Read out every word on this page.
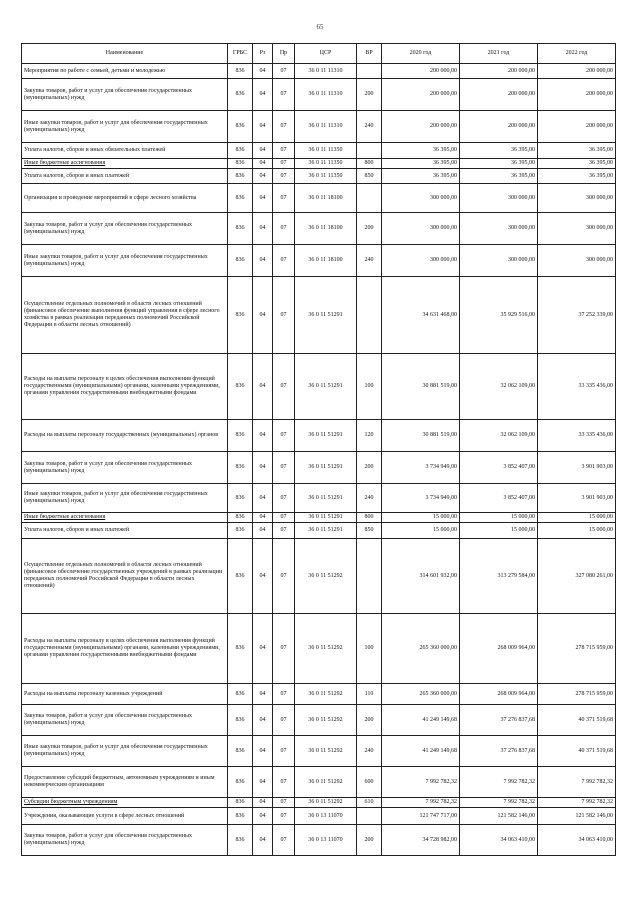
65
Наименование	ГРБС	Рз	Пр	ЦСР	ВР	2020 год	2021 год	2022 год
Мероприятия по работе с семьей, детьми и молодежью	836	04	07	36 0 11 11310		200 000,00	200 000,00	200 000,00
Закупка товаров, работ и услуг для обеспечения государственных (муниципальных) нужд	836	04	07	36 0 11 11310	200	200 000,00	200 000,00	200 000,00
Иные закупки товаров, работ и услуг для обеспечения государственных (муниципальных) нужд	836	04	07	36 0 11 11310	240	200 000,00	200 000,00	200 000,00
Уплата налогов, сборов и иных обязательных платежей	836	04	07	36 0 11 11350		36 395,00	36 395,00	36 395,00
Иные бюджетные ассигнования	836	04	07	36 0 11 11350	800	36 395,00	36 395,00	36 395,00
Уплата налогов, сборов и иных платежей	836	04	07	36 0 11 11350	850	36 395,00	36 395,00	36 395,00
Организация и проведение мероприятий в сфере лесного хозяйства	836	04	07	36 0 11 18100		300 000,00	300 000,00	300 000,00
Закупка товаров, работ и услуг для обеспечения государственных (муниципальных) нужд	836	04	07	36 0 11 18100	200	300 000,00	300 000,00	300 000,00
Иные закупки товаров, работ и услуг для обеспечения государственных (муниципальных) нужд	836	04	07	36 0 11 18100	240	300 000,00	300 000,00	300 000,00
Осуществление отдельных полномочий в области лесных отношений (финансовое обеспечение выполнения функций управления в сфере лесного хозяйства в рамках реализации переданных полномочий Российской Федерации в области лесных отношений)	836	04	07	36 0 11 51291		34 631 468,00	35 929 516,00	37 252 339,00
Расходы на выплаты персоналу в целях обеспечения выполнения функций государственными (муниципальными) органами, казенными учреждениями, органами управления государственными внебюджетными фондами	836	04	07	36 0 11 51291	100	30 881 519,00	32 062 109,00	33 335 436,00
Расходы на выплаты персоналу государственных (муниципальных) органов	836	04	07	36 0 11 51291	120	30 881 519,00	32 062 109,00	33 335 436,00
Закупка товаров, работ и услуг для обеспечения государственных (муниципальных) нужд	836	04	07	36 0 11 51291	200	3 734 949,00	3 852 407,00	3 901 903,00
Иные закупки товаров, работ и услуг для обеспечения государственных (муниципальных) нужд	836	04	07	36 0 11 51291	240	3 734 949,00	3 852 407,00	3 901 903,00
Иные бюджетные ассигнования	836	04	07	36 0 11 51291	800	15 000,00	15 000,00	15 000,00
Уплата налогов, сборов и иных платежей	836	04	07	36 0 11 51291	850	15 000,00	15 000,00	15 000,00
Осуществление отдельных полномочий в области лесных отношений (финансовое обеспечение государственных учреждений в рамках реализации переданных полномочий Российской Федерации в области лесных отношений)	836	04	07	36 0 11 51292		314 601 932,00	313 279 584,00	327 080 261,00
Расходы на выплаты персоналу в целях обеспечения выполнения функций государственными (муниципальными) органами, казенными учреждениями, органами управления государственными внебюджетными фондами	836	04	07	36 0 11 51292	100	265 360 000,00	268 009 964,00	278 715 959,00
Расходы на выплаты персоналу казенных учреждений	836	04	07	36 0 11 51292	110	265 360 000,00	268 009 964,00	278 715 959,00
Закупка товаров, работ и услуг для обеспечения государственных (муниципальных) нужд	836	04	07	36 0 11 51292	200	41 249 149,68	37 276 837,68	40 371 519,68
Иные закупки товаров, работ и услуг для обеспечения государственных (муниципальных) нужд	836	04	07	36 0 11 51292	240	41 249 149,68	37 276 837,68	40 371 519,68
Предоставление субсидий бюджетным, автономным учреждениям и иным некоммерческим организациям	836	04	07	36 0 11 51292	600	7 992 782,32	7 992 782,32	7 992 782,32
Субсидии бюджетным учреждениям	836	04	07	36 0 11 51292	610	7 992 782,32	7 992 782,32	7 992 782,32
Учреждения, оказывающие услуги в сфере лесных отношений	836	04	07	36 0 13 11070		121 747 717,00	121 582 146,00	121 582 146,00
Закупка товаров, работ и услуг для обеспечения государственных (муниципальных) нужд	836	04	07	36 0 13 11070	200	34 728 982,00	34 063 410,00	34 063 410,00
